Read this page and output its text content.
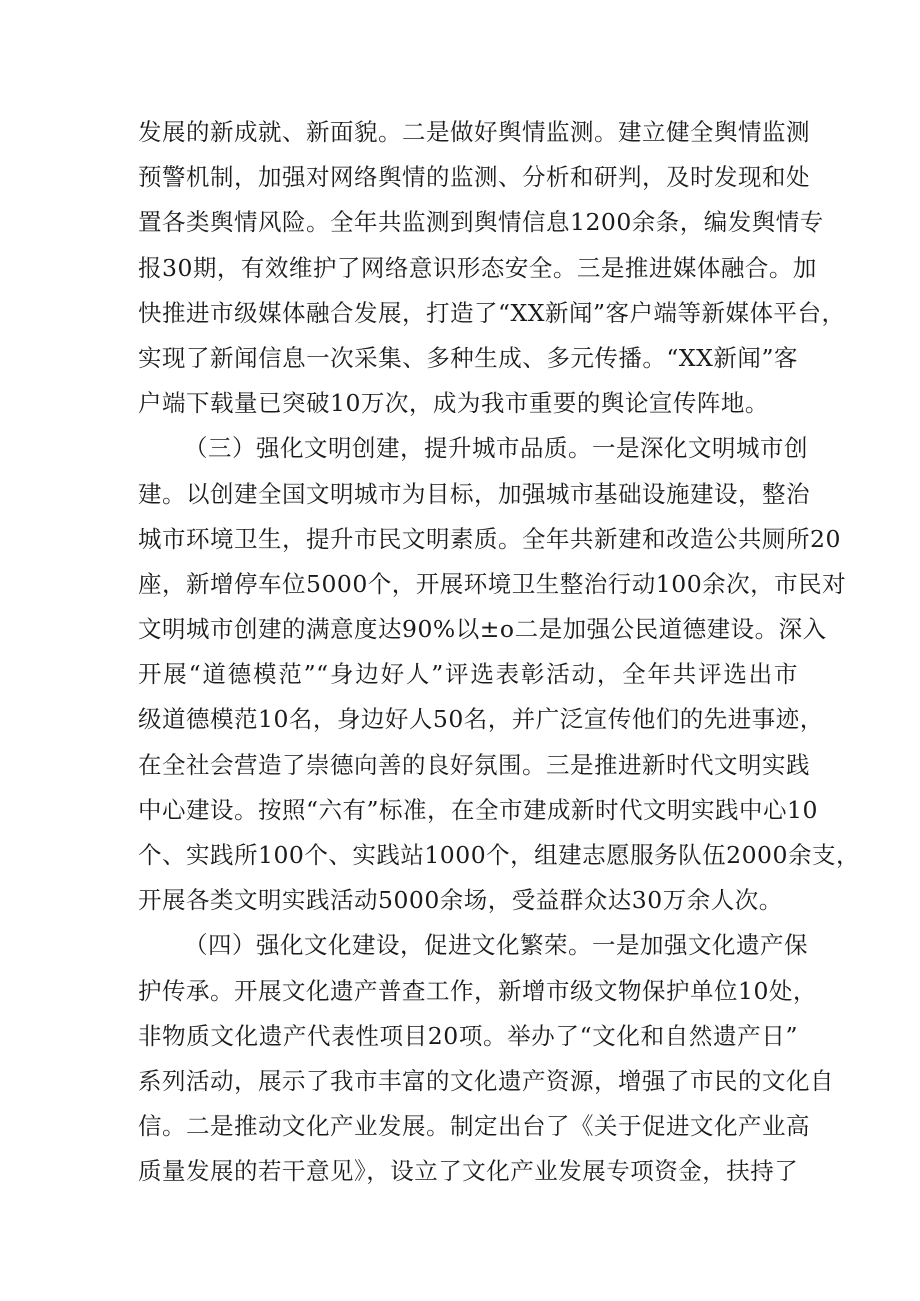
发展的新成就、新面貌。二是做好舆情监测。建立健全舆情监测
预警机制，加强对网络舆情的监测、分析和研判，及时发现和处
置各类舆情风险。全年共监测到舆情信息1200余条，编发舆情专
报30期，有效维护了网络意识形态安全。三是推进媒体融合。加
快推进市级媒体融合发展，打造了“XX新闻”客户端等新媒体平台，
实现了新闻信息一次采集、多种生成、多元传播。“XX新闻”客
户端下载量已突破10万次，成为我市重要的舆论宣传阵地。
（三）强化文明创建，提升城市品质。一是深化文明城市创
建。以创建全国文明城市为目标，加强城市基础设施建设，整治
城市环境卫生，提升市民文明素质。全年共新建和改造公共厕所20
座，新增停车位5000个，开展环境卫生整治行动100余次，市民对
文明城市创建的满意度达90%以±o二是加强公民道德建设。深入
开展“道德模范”“身边好人”评选表彰活动，全年共评选出市
级道德模范10名，身边好人50名，并广泛宣传他们的先进事迹，
在全社会营造了崇德向善的良好氛围。三是推进新时代文明实践
中心建设。按照“六有”标准，在全市建成新时代文明实践中心10
个、实践所100个、实践站1000个，组建志愿服务队伍2000余支，
开展各类文明实践活动5000余场，受益群众达30万余人次。
（四）强化文化建设，促进文化繁荣。一是加强文化遗产保
护传承。开展文化遗产普查工作，新增市级文物保护单位10处，
非物质文化遗产代表性项目20项。举办了“文化和自然遗产日”
系列活动，展示了我市丰富的文化遗产资源，增强了市民的文化自
信。二是推动文化产业发展。制定出台了《关于促进文化产业高
质量发展的若干意见》，设立了文化产业发展专项资金，扶持了
